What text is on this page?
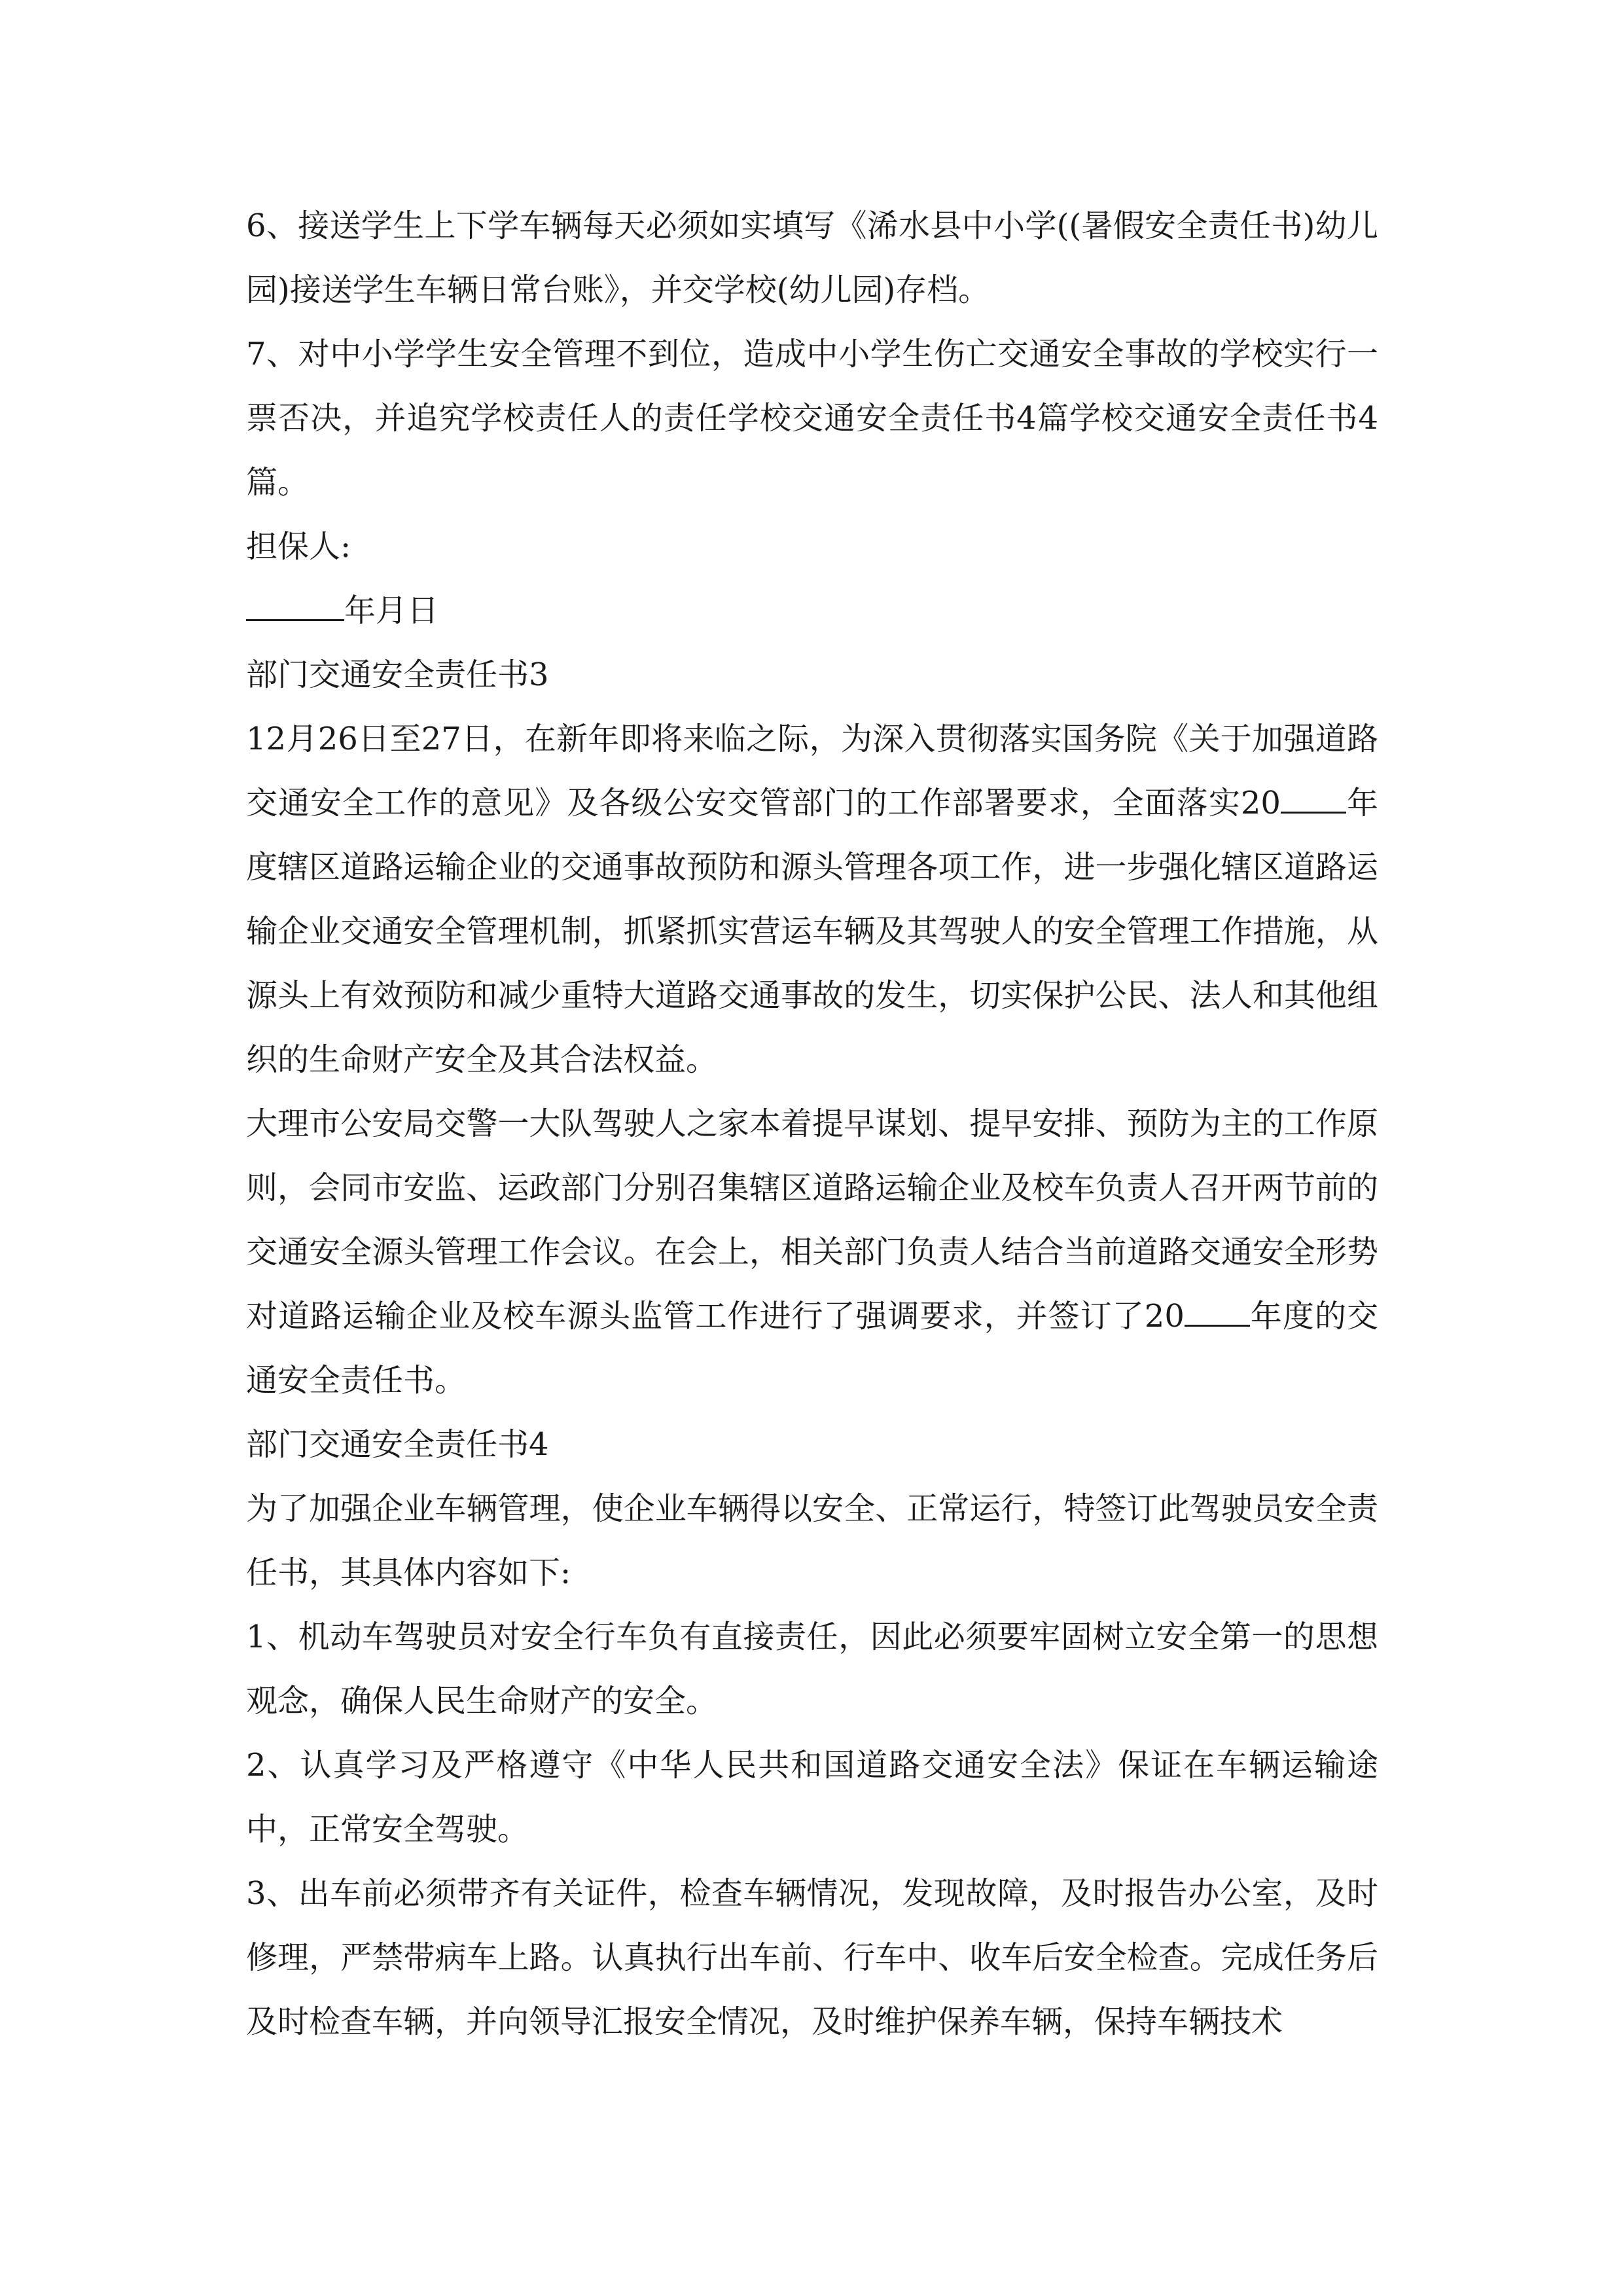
6、接送学生上下学车辆每天必须如实填写《浠水县中小学((暑假安全责任书)幼儿园)接送学生车辆日常台账》，并交学校(幼儿园)存档。

7、对中小学学生安全管理不到位，造成中小学生伤亡交通安全事故的学校实行一票否决，并追究学校责任人的责任学校交通安全责任书4篇学校交通安全责任书4篇。

担保人:

年月日

部门交通安全责任书3

12月26日至27日，在新年即将来临之际，为深入贯彻落实国务院《关于加强道路交通安全工作的意见》及各级公安交管部门的工作部署要求，全面落实20 年度辖区道路运输企业的交通事故预防和源头管理各项工作，进一步强化辖区道路运输企业交通安全管理机制，抓紧抓实营运车辆及其驾驶人的安全管理工作措施，从源头上有效预防和减少重特大道路交通事故的发生，切实保护公民、法人和其他组织的生命财产安全及其合法权益。

大理市公安局交警一大队驾驶人之家本着提早谋划、提早安排、预防为主的工作原则，会同市安监、运政部门分别召集辖区道路运输企业及校车负责人召开两节前的交通安全源头管理工作会议。在会上，相关部门负责人结合当前道路交通安全形势对道路运输企业及校车源头监管工作进行了强调要求，并签订了20 年度的交通安全责任书。

部门交通安全责任书4

为了加强企业车辆管理，使企业车辆得以安全、正常运行，特签订此驾驶员安全责任书，其具体内容如下:

1、机动车驾驶员对安全行车负有直接责任，因此必须要牢固树立安全第一的思想观念，确保人民生命财产的安全。

2、认真学习及严格遵守《中华人民共和国道路交通安全法》保证在车辆运输途中，正常安全驾驶。

3、出车前必须带齐有关证件，检查车辆情况，发现故障，及时报告办公室，及时修理，严禁带病车上路。认真执行出车前、行车中、收车后安全检查。完成任务后及时检查车辆，并向领导汇报安全情况，及时维护保养车辆，保持车辆技术
